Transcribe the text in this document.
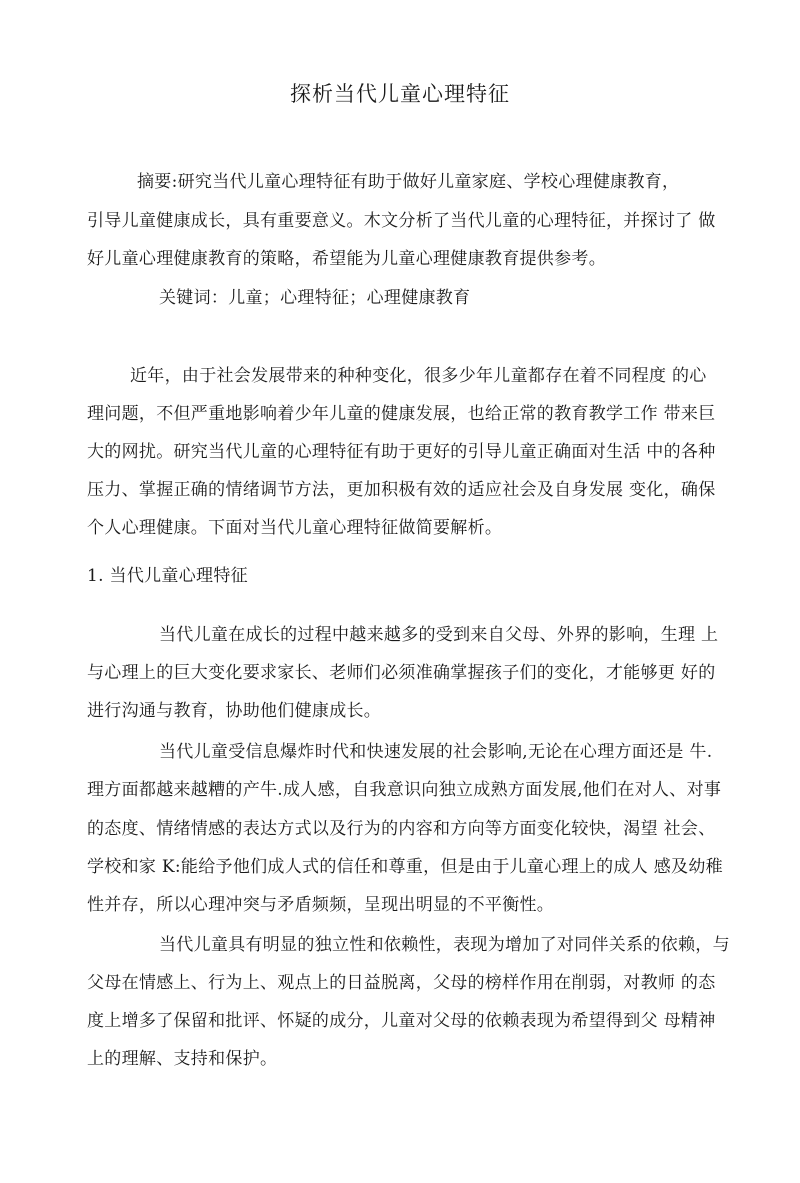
探析当代儿童心理特征
摘要:研究当代儿童心理特征有助于做好儿童家庭、学校心理健康教育，
引导儿童健康成长，具有重要意义。木文分析了当代儿童的心理特征，并探讨了 做
好儿童心理健康教育的策略，希望能为儿童心理健康教育提供参考。
关键词：儿童；心理特征；心理健康教育
近年，由于社会发展带来的种种变化，很多少年儿童都存在着不同程度 的心
理问题，不但严重地影响着少年儿童的健康发展，也给正常的教育教学工作 带来巨
大的网扰。研究当代儿童的心理特征有助于更好的引导儿童正确面对生活 中的各种
压力、掌握正确的情绪调节方法，更加积极有效的适应社会及自身发展 变化，确保
个人心理健康。下面对当代儿童心理特征做简要解析。
1. 当代儿童心理特征
当代儿童在成长的过程中越来越多的受到来自父母、外界的影响，生理 上
与心理上的巨大变化要求家长、老师们必须准确掌握孩子们的变化，才能够更 好的
进行沟通与教育，协助他们健康成长。
当代儿童受信息爆炸时代和快速发展的社会影响,无论在心理方面还是 牛.
理方面都越来越糟的产牛.成人感，自我意识向独立成熟方面发展,他们在对人、对事
的态度、情绪情感的表达方式以及行为的内容和方向等方面变化较快，渴望 社会、
学校和家 K:能给予他们成人式的信任和尊重，但是由于儿童心理上的成人 感及幼稚
性并存，所以心理冲突与矛盾频频，呈现出明显的不平衡性。
当代儿童具有明显的独立性和依赖性，表现为增加了对同伴关系的依赖，与
父母在情感上、行为上、观点上的日益脱离，父母的榜样作用在削弱，对教师 的态
度上增多了保留和批评、怀疑的成分，儿童对父母的依赖表现为希望得到父 母精神
上的理解、支持和保护。
